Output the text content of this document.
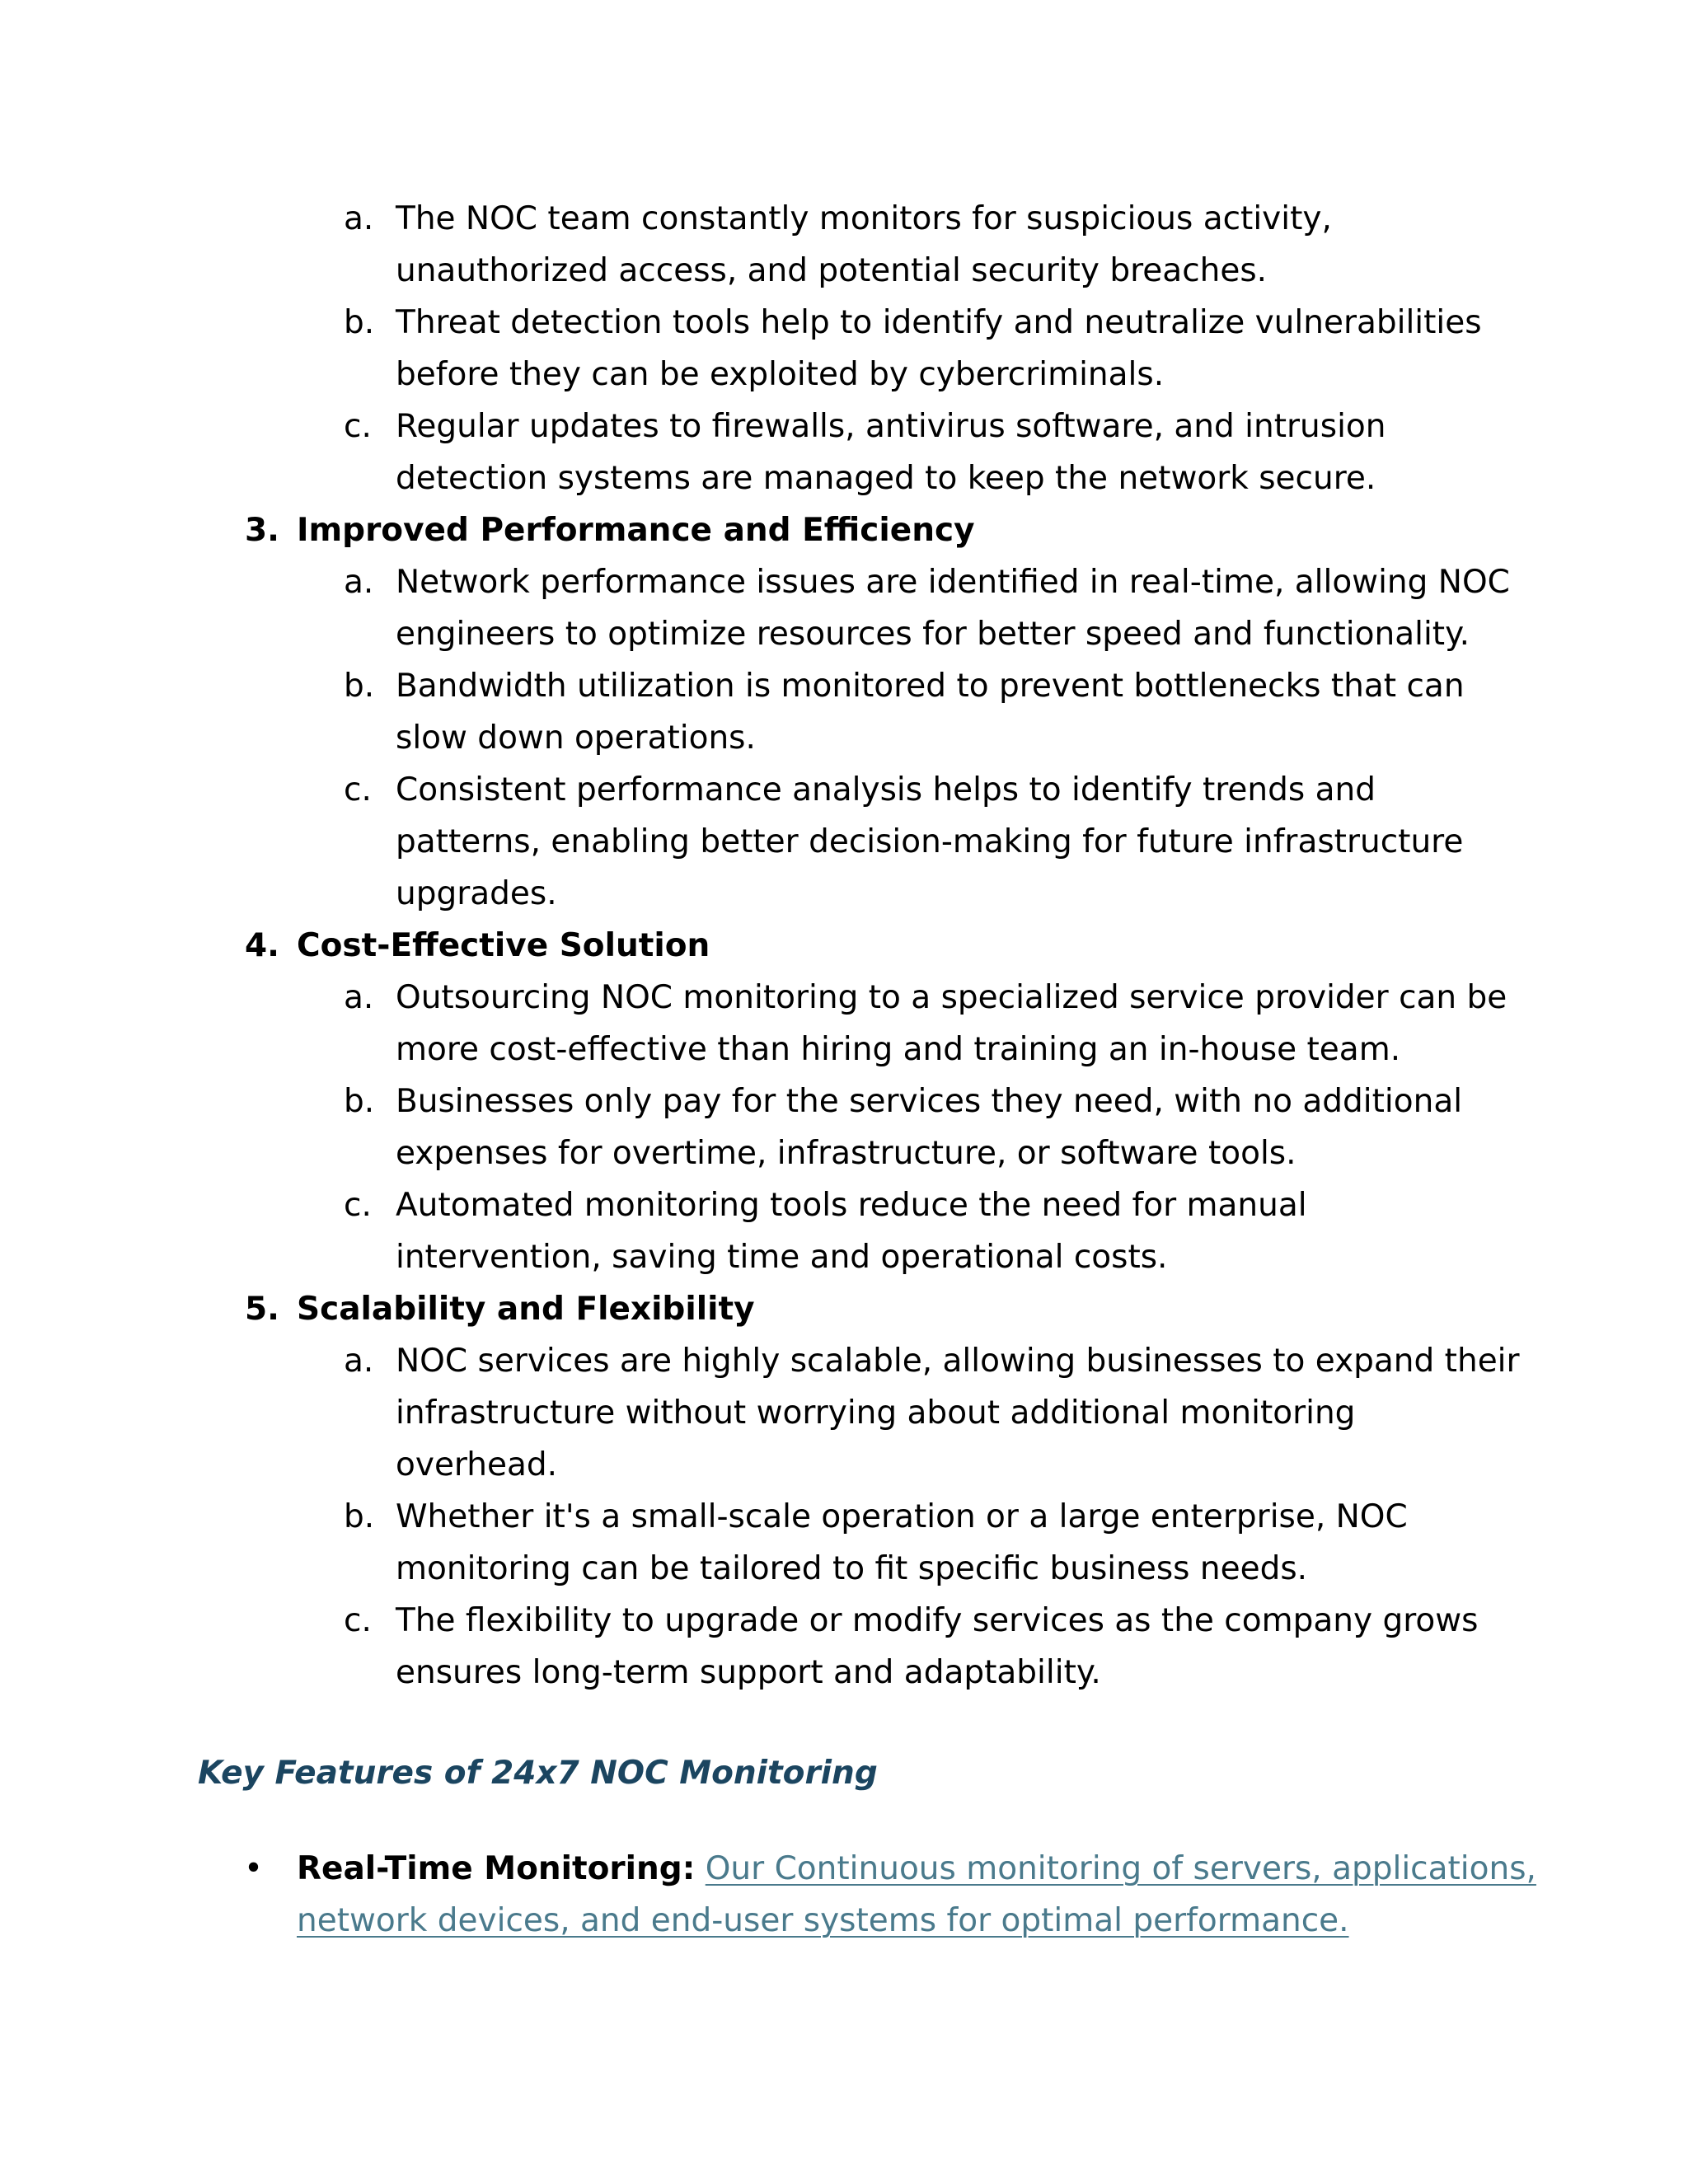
a. The NOC team constantly monitors for suspicious activity,
unauthorized access, and potential security breaches.
b. Threat detection tools help to identify and neutralize vulnerabilities
before they can be exploited by cybercriminals.
c. Regular updates to firewalls, antivirus software, and intrusion
detection systems are managed to keep the network secure.
3. Improved Performance and Efficiency
a. Network performance issues are identified in real-time, allowing NOC
engineers to optimize resources for better speed and functionality.
b. Bandwidth utilization is monitored to prevent bottlenecks that can
slow down operations.
c. Consistent performance analysis helps to identify trends and
patterns, enabling better decision-making for future infrastructure
upgrades.
4. Cost-Effective Solution
a. Outsourcing NOC monitoring to a specialized service provider can be
more cost-effective than hiring and training an in-house team.
b. Businesses only pay for the services they need, with no additional
expenses for overtime, infrastructure, or software tools.
c. Automated monitoring tools reduce the need for manual
intervention, saving time and operational costs.
5. Scalability and Flexibility
a. NOC services are highly scalable, allowing businesses to expand their
infrastructure without worrying about additional monitoring
overhead.
b. Whether it's a small-scale operation or a large enterprise, NOC
monitoring can be tailored to fit specific business needs.
c. The flexibility to upgrade or modify services as the company grows
ensures long-term support and adaptability.
Key Features of 24x7 NOC Monitoring
• Real-Time Monitoring: Our Continuous monitoring of servers, applications,
network devices, and end-user systems for optimal performance.
